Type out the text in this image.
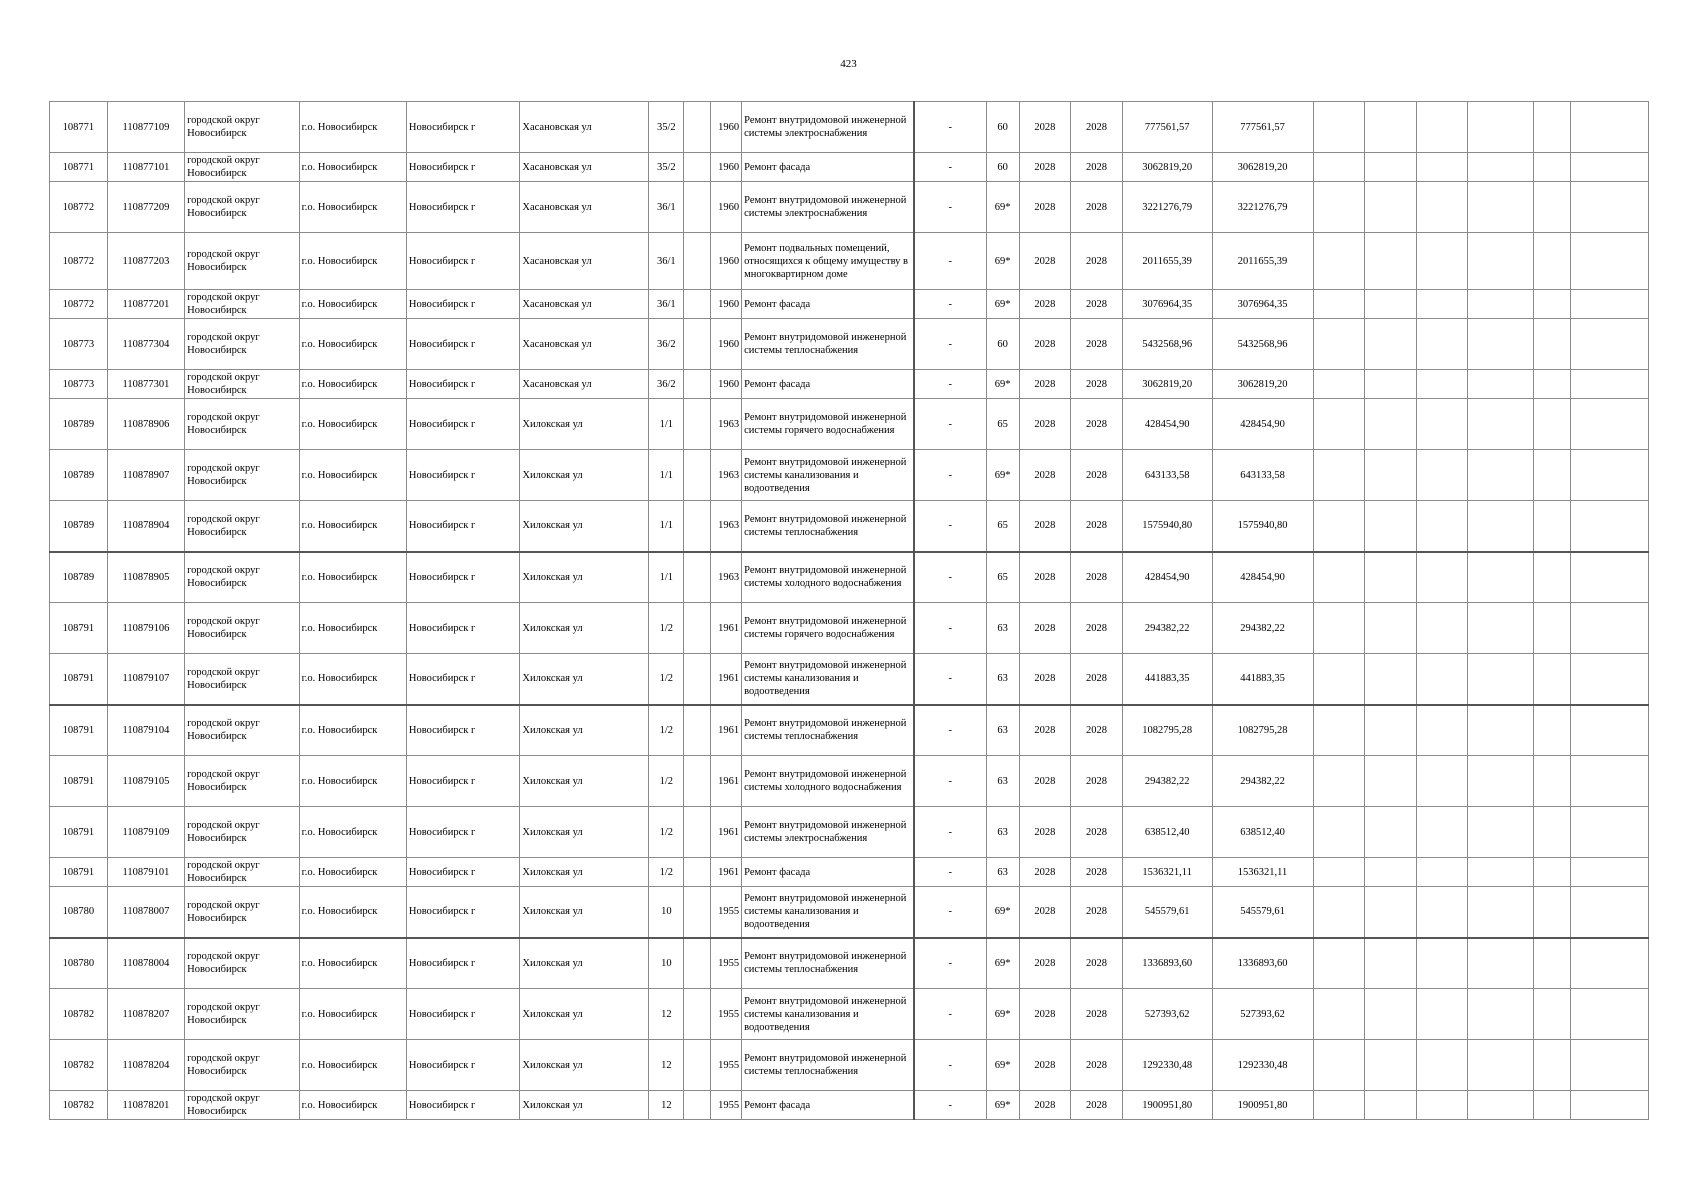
423
108771	110877109	городской округ Новосибирск	г.о. Новосибирск	Новосибирск г	Хасановская ул	35/2		1960	Ремонт внутридомовой инженерной системы электроснабжения	-	60	2028	2028	777561,57	777561,57						
108771	110877101	городской округ Новосибирск	г.о. Новосибирск	Новосибирск г	Хасановская ул	35/2		1960	Ремонт фасада	-	60	2028	2028	3062819,20	3062819,20						
108772	110877209	городской округ Новосибирск	г.о. Новосибирск	Новосибирск г	Хасановская ул	36/1		1960	Ремонт внутридомовой инженерной системы электроснабжения	-	69*	2028	2028	3221276,79	3221276,79						
108772	110877203	городской округ Новосибирск	г.о. Новосибирск	Новосибирск г	Хасановская ул	36/1		1960	Ремонт подвальных помещений, относящихся к общему имуществу в многоквартирном доме	-	69*	2028	2028	2011655,39	2011655,39						
108772	110877201	городской округ Новосибирск	г.о. Новосибирск	Новосибирск г	Хасановская ул	36/1		1960	Ремонт фасада	-	69*	2028	2028	3076964,35	3076964,35						
108773	110877304	городской округ Новосибирск	г.о. Новосибирск	Новосибирск г	Хасановская ул	36/2		1960	Ремонт внутридомовой инженерной системы теплоснабжения	-	60	2028	2028	5432568,96	5432568,96						
108773	110877301	городской округ Новосибирск	г.о. Новосибирск	Новосибирск г	Хасановская ул	36/2		1960	Ремонт фасада	-	69*	2028	2028	3062819,20	3062819,20						
108789	110878906	городской округ Новосибирск	г.о. Новосибирск	Новосибирск г	Хилокская ул	1/1		1963	Ремонт внутридомовой инженерной системы горячего водоснабжения	-	65	2028	2028	428454,90	428454,90						
108789	110878907	городской округ Новосибирск	г.о. Новосибирск	Новосибирск г	Хилокская ул	1/1		1963	Ремонт внутридомовой инженерной системы канализования и водоотведения	-	69*	2028	2028	643133,58	643133,58						
108789	110878904	городской округ Новосибирск	г.о. Новосибирск	Новосибирск г	Хилокская ул	1/1		1963	Ремонт внутридомовой инженерной системы теплоснабжения	-	65	2028	2028	1575940,80	1575940,80						
108789	110878905	городской округ Новосибирск	г.о. Новосибирск	Новосибирск г	Хилокская ул	1/1		1963	Ремонт внутридомовой инженерной системы холодного водоснабжения	-	65	2028	2028	428454,90	428454,90						
108791	110879106	городской округ Новосибирск	г.о. Новосибирск	Новосибирск г	Хилокская ул	1/2		1961	Ремонт внутридомовой инженерной системы горячего водоснабжения	-	63	2028	2028	294382,22	294382,22						
108791	110879107	городской округ Новосибирск	г.о. Новосибирск	Новосибирск г	Хилокская ул	1/2		1961	Ремонт внутридомовой инженерной системы канализования и водоотведения	-	63	2028	2028	441883,35	441883,35						
108791	110879104	городской округ Новосибирск	г.о. Новосибирск	Новосибирск г	Хилокская ул	1/2		1961	Ремонт внутридомовой инженерной системы теплоснабжения	-	63	2028	2028	1082795,28	1082795,28						
108791	110879105	городской округ Новосибирск	г.о. Новосибирск	Новосибирск г	Хилокская ул	1/2		1961	Ремонт внутридомовой инженерной системы холодного водоснабжения	-	63	2028	2028	294382,22	294382,22						
108791	110879109	городской округ Новосибирск	г.о. Новосибирск	Новосибирск г	Хилокская ул	1/2		1961	Ремонт внутридомовой инженерной системы электроснабжения	-	63	2028	2028	638512,40	638512,40						
108791	110879101	городской округ Новосибирск	г.о. Новосибирск	Новосибирск г	Хилокская ул	1/2		1961	Ремонт фасада	-	63	2028	2028	1536321,11	1536321,11						
108780	110878007	городской округ Новосибирск	г.о. Новосибирск	Новосибирск г	Хилокская ул	10		1955	Ремонт внутридомовой инженерной системы канализования и водоотведения	-	69*	2028	2028	545579,61	545579,61						
108780	110878004	городской округ Новосибирск	г.о. Новосибирск	Новосибирск г	Хилокская ул	10		1955	Ремонт внутридомовой инженерной системы теплоснабжения	-	69*	2028	2028	1336893,60	1336893,60						
108782	110878207	городской округ Новосибирск	г.о. Новосибирск	Новосибирск г	Хилокская ул	12		1955	Ремонт внутридомовой инженерной системы канализования и водоотведения	-	69*	2028	2028	527393,62	527393,62						
108782	110878204	городской округ Новосибирск	г.о. Новосибирск	Новосибирск г	Хилокская ул	12		1955	Ремонт внутридомовой инженерной системы теплоснабжения	-	69*	2028	2028	1292330,48	1292330,48						
108782	110878201	городской округ Новосибирск	г.о. Новосибирск	Новосибирск г	Хилокская ул	12		1955	Ремонт фасада	-	69*	2028	2028	1900951,80	1900951,80						
